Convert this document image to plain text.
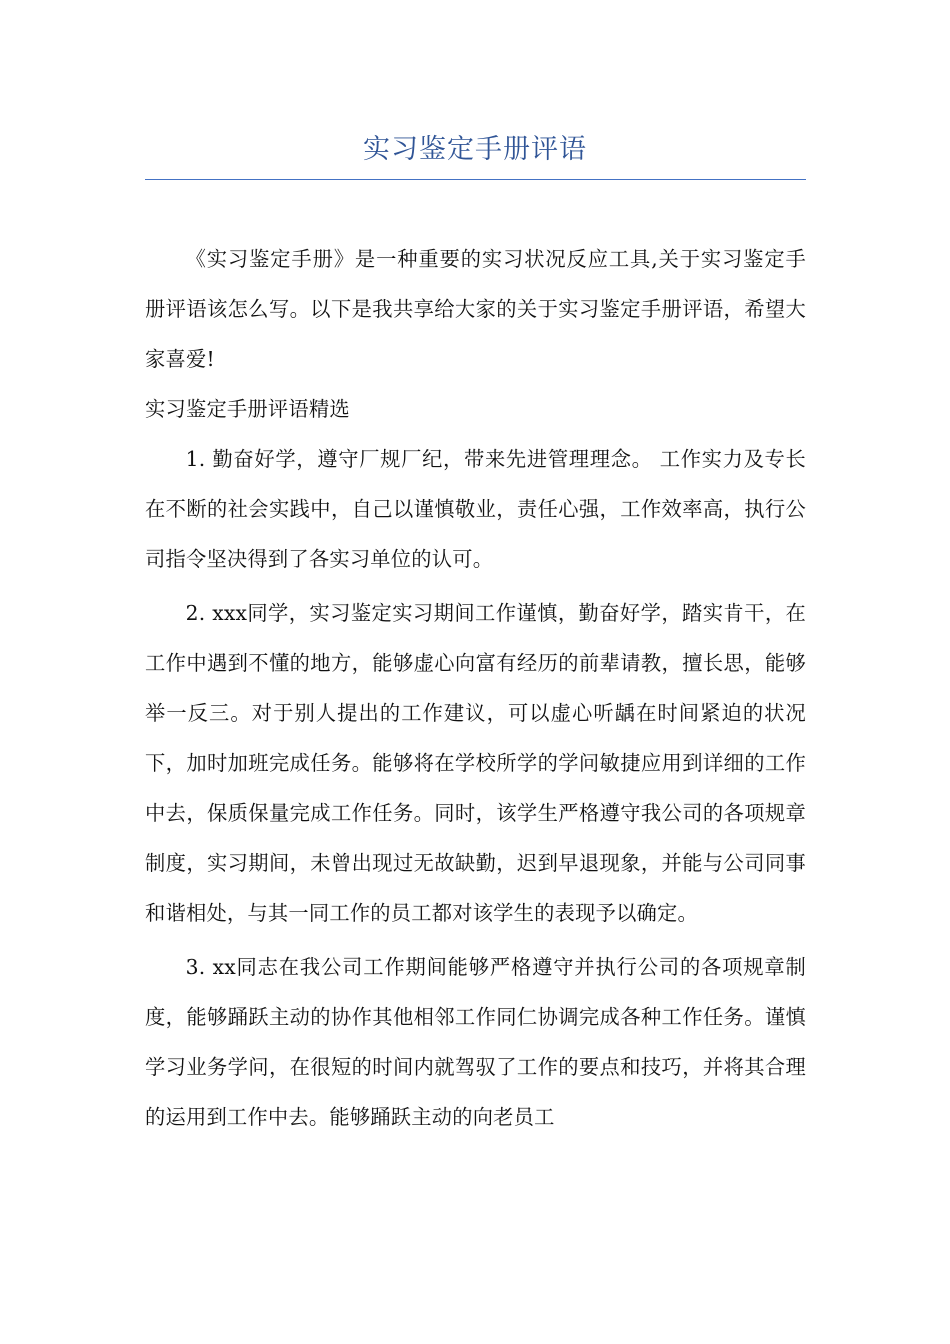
实习鉴定手册评语

《实习鉴定手册》是一种重要的实习状况反应工具,关于实习鉴定手册评语该怎么写。以下是我共享给大家的关于实习鉴定手册评语，希望大家喜爱!

实习鉴定手册评语精选

1. 勤奋好学，遵守厂规厂纪，带来先进管理理念。 工作实力及专长在不断的社会实践中，自己以谨慎敬业，责任心强，工作效率高，执行公司指令坚决得到了各实习单位的认可。

2. xxx同学，实习鉴定实习期间工作谨慎，勤奋好学，踏实肯干，在工作中遇到不懂的地方，能够虚心向富有经历的前辈请教，擅长思，能够举一反三。对于别人提出的工作建议，可以虚心听龋在时间紧迫的状况下，加时加班完成任务。能够将在学校所学的学问敏捷应用到详细的工作中去，保质保量完成工作任务。同时，该学生严格遵守我公司的各项规章制度，实习期间，未曾出现过无故缺勤，迟到早退现象，并能与公司同事和谐相处，与其一同工作的员工都对该学生的表现予以确定。

3. xx同志在我公司工作期间能够严格遵守并执行公司的各项规章制度，能够踊跃主动的协作其他相邻工作同仁协调完成各种工作任务。谨慎学习业务学问，在很短的时间内就驾驭了工作的要点和技巧，并将其合理的运用到工作中去。能够踊跃主动的向老员工
